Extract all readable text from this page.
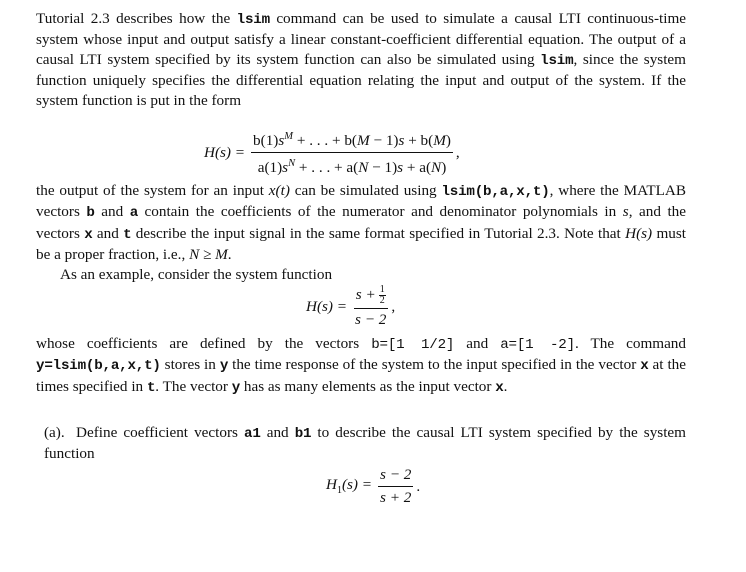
Tutorial 2.3 describes how the lsim command can be used to simulate a causal LTI continuous-time system whose input and output satisfy a linear constant-coefficient differential equation. The output of a causal LTI system specified by its system function can also be simulated using lsim, since the system function uniquely specifies the differential equation relating the input and output of the system. If the system function is put in the form
$H(s) = \frac{b(1)s^M + . . . + b(M - 1)s + b(M)}{a(1)s^N + . . . + a(N - 1)s + a(N)}$ ,
the output of the system for an input x(t) can be simulated using lsim(b,a,x,t), where the MATLAB vectors b and a contain the coefficients of the numerator and denominator polynomials in s, and the vectors x and t describe the input signal in the same format specified in Tutorial 2.3. Note that H(s) must be a proper fraction, i.e., N ≥ M.
As an example, consider the system function
$H(s) = \frac{s + \frac{1}{2}}{s - 2}$ ,
whose coefficients are defined by the vectors b=[1 1/2] and a=[1 -2]. The command y=lsim(b,a,x,t) stores in y the time response of the system to the input specified in the vector x at the times specified in t. The vector y has as many elements as the input vector x.
(a). Define coefficient vectors a1 and b1 to describe the causal LTI system specified by the system function
$H_1(s) = \frac{s - 2}{s + 2}$ .
